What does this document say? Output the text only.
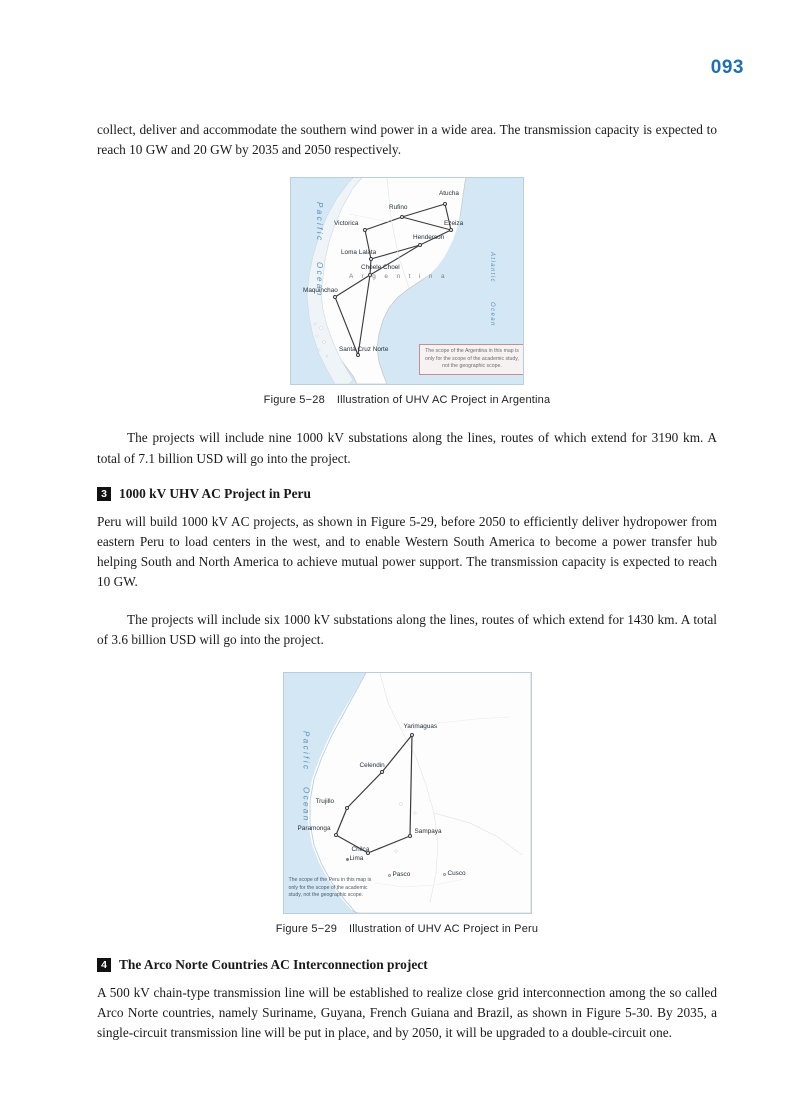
093

collect, deliver and accommodate the southern wind power in a wide area. The transmission capacity is expected to reach 10 GW and 20 GW by 2035 and 2050 respectively.

Atucha
Rufino
Ezeiza
Victorica
Henderson
Loma Lalata
Choele Choel
Maquinchao
Santa Cruz Norte
A r g e n t i n a
Pacific
Ocean	Atlantic
Ocean
The scope of the Argentina in this map is only for the scope of the academic study, not the geographic scope.
Figure 5−28 Illustration of UHV AC Project in Argentina

The projects will include nine 1000 kV substations along the lines, routes of which extend for 3190 km. A total of 7.1 billion USD will go into the project.

3 1000 kV UHV AC Project in Peru

Peru will build 1000 kV AC projects, as shown in Figure 5-29, before 2050 to efficiently deliver hydropower from eastern Peru to load centers in the west, and to enable Western South America to become a power transfer hub helping South and North America to achieve mutual power support. The transmission capacity is expected to reach 10 GW.

The projects will include six 1000 kV substations along the lines, routes of which extend for 1430 km. A total of 3.6 billion USD will go into the project.

Yarimaguas
Celendin
Trujillo
Paramonga	Sampaya
Chilca
Lima
Pasco	Cusco
Pacific
Ocean
The scope of the Peru in this map is only for the scope of the academic study, not the geographic scope.
Figure 5−29 Illustration of UHV AC Project in Peru
4 The Arco Norte Countries AC Interconnection project

A 500 kV chain-type transmission line will be established to realize close grid interconnection among the so called Arco Norte countries, namely Suriname, Guyana, French Guiana and Brazil, as shown in Figure 5-30. By 2035, a single-circuit transmission line will be put in place, and by 2050, it will be upgraded to a double-circuit one.
